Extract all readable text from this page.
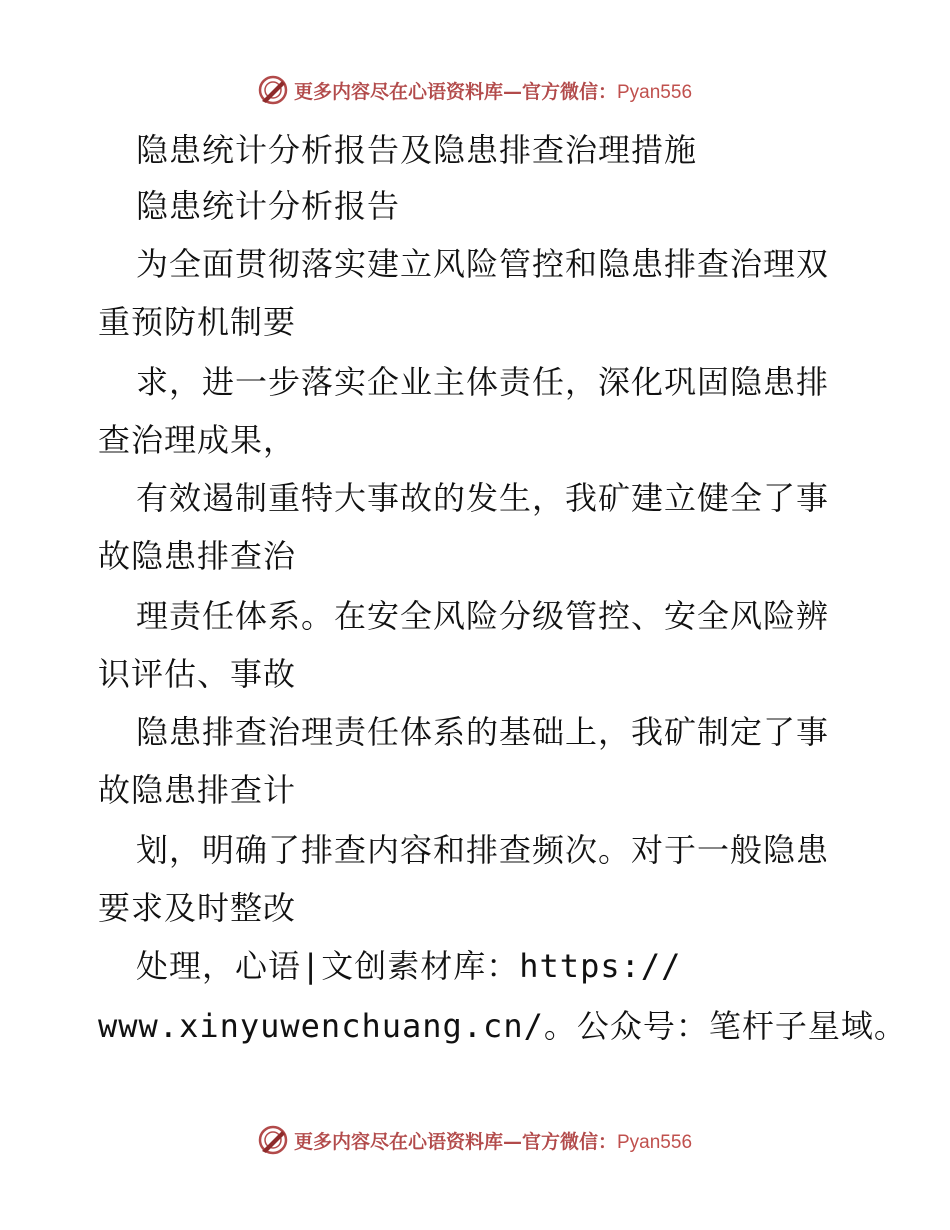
更多内容尽在心语资料库—官方微信：Pyan556
隐患统计分析报告及隐患排查治理措施
隐患统计分析报告
为全面贯彻落实建立风险管控和隐患排查治理双
重预防机制要
求，进一步落实企业主体责任，深化巩固隐患排
查治理成果，
有效遏制重特大事故的发生，我矿建立健全了事
故隐患排查治
理责任体系。在安全风险分级管控、安全风险辨
识评估、事故
隐患排查治理责任体系的基础上，我矿制定了事
故隐患排查计
划，明确了排查内容和排查频次。对于一般隐患
要求及时整改
处理，心语|文创素材库：https://
www.xinyuwenchuang.cn/。公众号：笔杆子星域。
更多内容尽在心语资料库—官方微信：Pyan556
